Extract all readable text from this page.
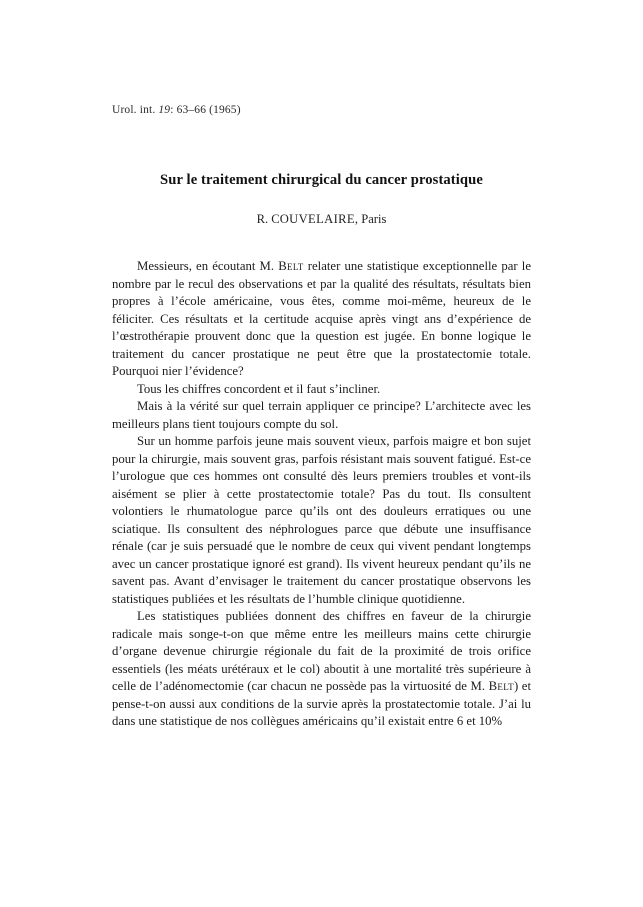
Urol. int. 19: 63–66 (1965)
Sur le traitement chirurgical du cancer prostatique
R. COUVELAIRE, Paris

Messieurs, en écoutant M. Belt relater une statistique exceptionnelle par le nombre par le recul des observations et par la qualité des résultats, résultats bien propres à l’école américaine, vous êtes, comme moi-même, heureux de le féliciter. Ces résultats et la certitude acquise après vingt ans d’expérience de l’œstrothérapie prouvent donc que la question est jugée. En bonne logique le traitement du cancer prostatique ne peut être que la prostatectomie totale. Pourquoi nier l’évidence?

Tous les chiffres concordent et il faut s’incliner.

Mais à la vérité sur quel terrain appliquer ce principe? L’architecte avec les meilleurs plans tient toujours compte du sol.

Sur un homme parfois jeune mais souvent vieux, parfois maigre et bon sujet pour la chirurgie, mais souvent gras, parfois résistant mais souvent fatigué. Est-ce l’urologue que ces hommes ont consulté dès leurs premiers troubles et vont-ils aisément se plier à cette prostatectomie totale? Pas du tout. Ils consultent volontiers le rhumatologue parce qu’ils ont des douleurs erratiques ou une sciatique. Ils consultent des néphrologues parce que débute une insuffisance rénale (car je suis persuadé que le nombre de ceux qui vivent pendant longtemps avec un cancer prostatique ignoré est grand). Ils vivent heureux pendant qu’ils ne savent pas. Avant d’envisager le traitement du cancer prostatique observons les statistiques publiées et les résultats de l’humble clinique quotidienne.

Les statistiques publiées donnent des chiffres en faveur de la chirurgie radicale mais songe-t-on que même entre les meilleurs mains cette chirurgie d’organe devenue chirurgie régionale du fait de la proximité de trois orifice essentiels (les méats urétéraux et le col) aboutit à une mortalité très supérieure à celle de l’adénomectomie (car chacun ne possède pas la virtuosité de M. Belt) et pense-t-on aussi aux conditions de la survie après la prostatectomie totale. J’ai lu dans une statistique de nos collègues américains qu’il existait entre 6 et 10%
